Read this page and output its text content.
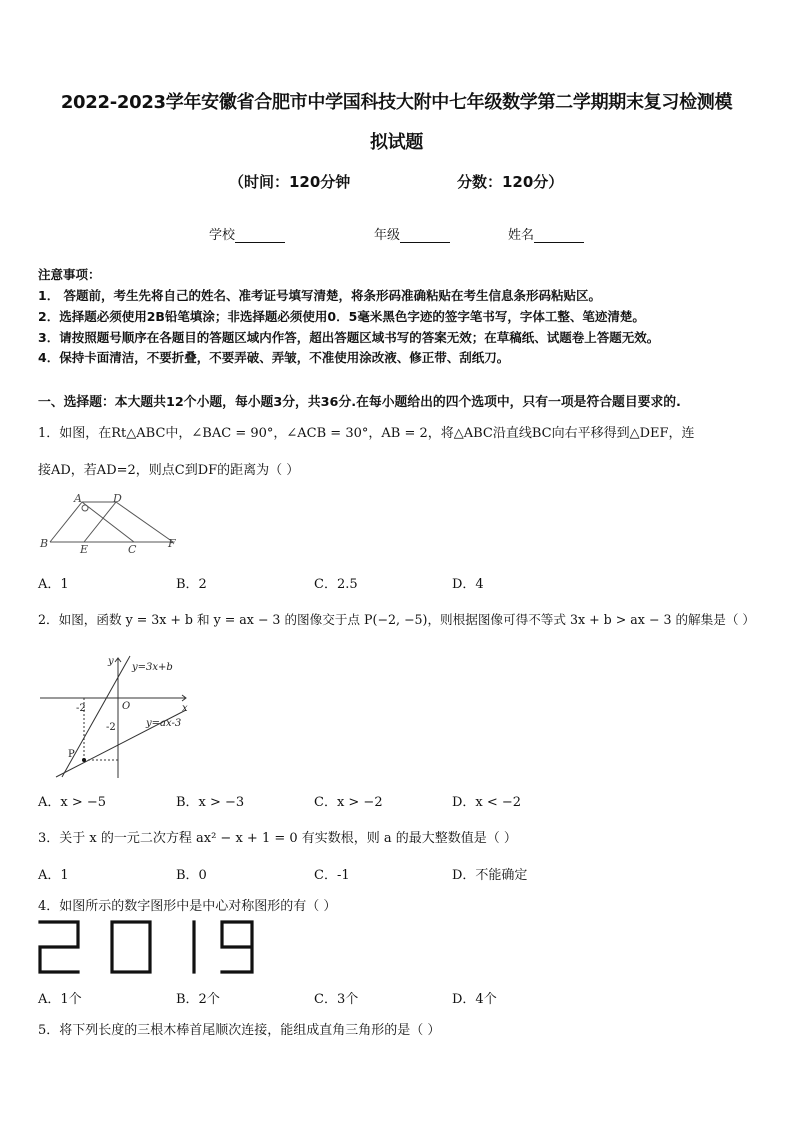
2022-2023学年安徽省合肥市中学国科技大附中七年级数学第二学期期末复习检测模
拟试题
（时间：120分钟	分数：120分）
学校	年级	姓名
注意事项：
1． 答题前，考生先将自己的姓名、准考证号填写清楚，将条形码准确粘贴在考生信息条形码粘贴区。
2．选择题必须使用2B铅笔填涂；非选择题必须使用0．5毫米黑色字迹的签字笔书写，字体工整、笔迹清楚。
3．请按照题号顺序在各题目的答题区域内作答，超出答题区域书写的答案无效；在草稿纸、试题卷上答题无效。
4．保持卡面清洁，不要折叠，不要弄破、弄皱，不准使用涂改液、修正带、刮纸刀。
一、选择题：本大题共12个小题，每小题3分，共36分.在每小题给出的四个选项中，只有一项是符合题目要求的.
1．如图，在Rt△ABC中，∠BAC = 90°，∠ACB = 30°，AB = 2，将△ABC沿直线BC向右平移得到△DEF，连
接AD，若AD=2，则点C到DF的距离为（ ）
A	D
B	E	C	F
A．1	B．2	C．2.5	D．4
2．如图，函数 y = 3x + b 和 y = ax − 3 的图像交于点 P(−2, −5)，则根据图像可得不等式 3x + b > ax − 3 的解集是（ ）
y
x
O
-2
-2
P
y=3x+b
y=ax-3
A．x > −5	B．x > −3	C．x > −2	D．x < −2
3．关于 x 的一元二次方程 ax² − x + 1 = 0 有实数根，则 a 的最大整数值是（ ）
A．1	B．0	C．-1	D．不能确定
4．如图所示的数字图形中是中心对称图形的有（ ）
A．1个	B．2个	C．3个	D．4个
5．将下列长度的三根木棒首尾顺次连接，能组成直角三角形的是（ ）
